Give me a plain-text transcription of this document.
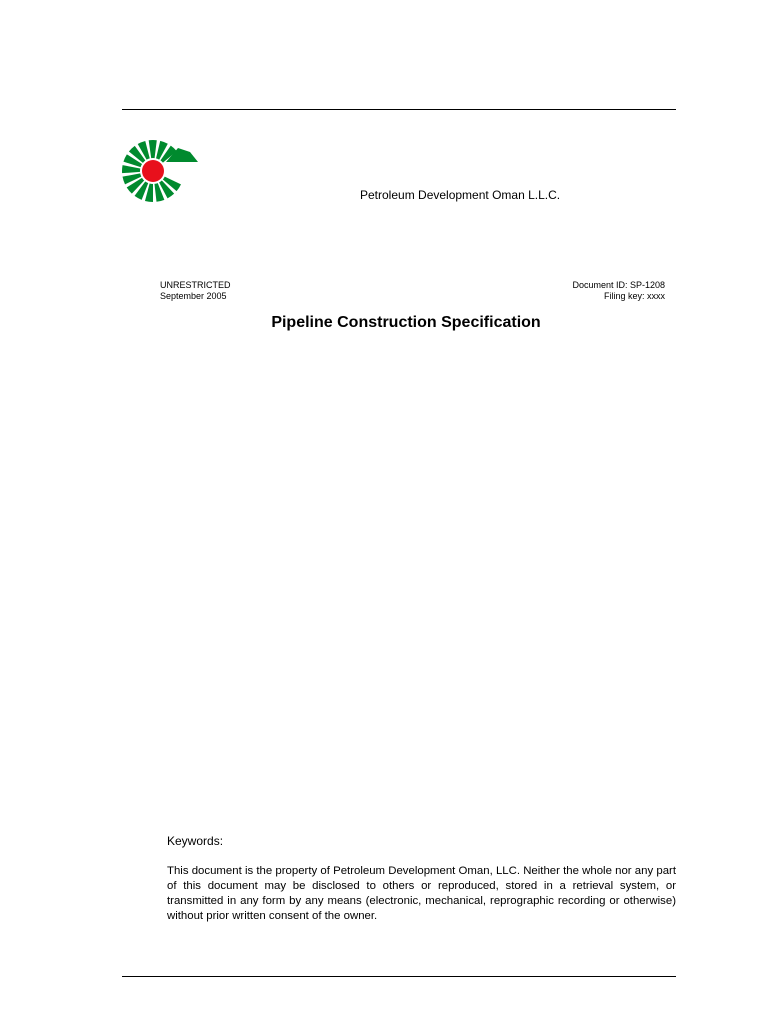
Petroleum Development Oman L.L.C.
UNRESTRICTED
September 2005
Document ID: SP-1208
Filing key: xxxx
Pipeline Construction Specification
Keywords:
This document is the property of Petroleum Development Oman, LLC. Neither the whole nor any part of this document may be disclosed to others or reproduced, stored in a retrieval system, or transmitted in any form by any means (electronic, mechanical, reprographic recording or otherwise) without prior written consent of the owner.
